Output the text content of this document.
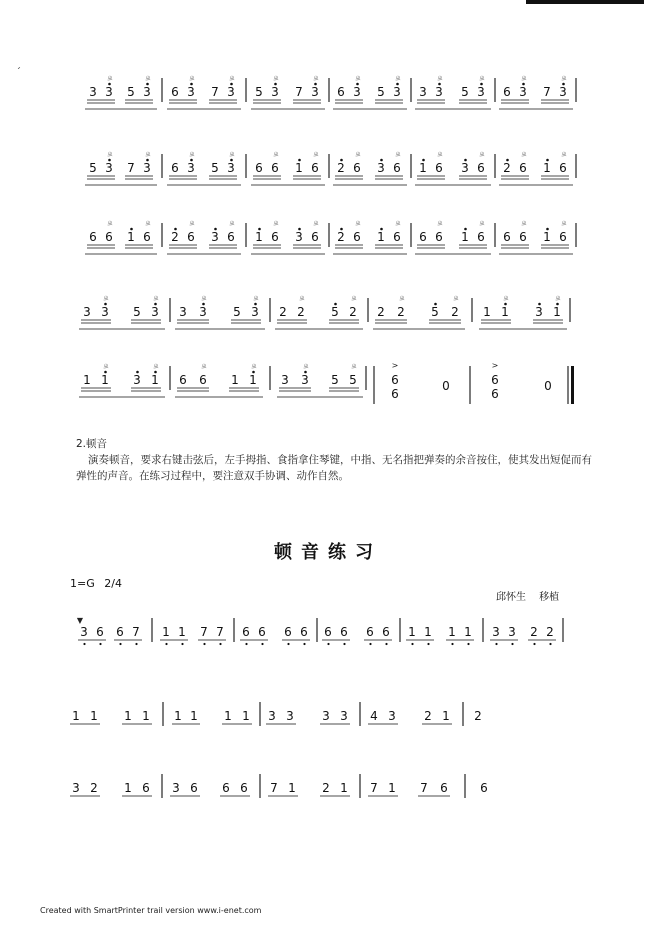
ˊ
3 3
ㄓ
5 3
ㄓ
6 3
ㄓ
7 3
ㄓ
5 3
ㄓ
7 3
ㄓ
6 3
ㄓ
5 3
ㄓ
3 3
ㄓ
5 3
ㄓ
6 3
ㄓ
7 3
ㄓ
5 3
ㄓ
7 3
ㄓ
6 3
ㄓ
5 3
ㄓ
6 6
ㄓ
1 6
ㄓ
2 6
ㄓ
3 6
ㄓ
1 6
ㄓ
3 6
ㄓ
2 6
ㄓ
1 6
ㄓ
6 6
ㄓ
1 6
ㄓ
2 6
ㄓ
3 6
ㄓ
1 6
ㄓ
3 6
ㄓ
2 6
ㄓ
1 6
ㄓ
6 6
ㄓ
1 6
ㄓ
6 6
ㄓ
1 6
ㄓ
3 3
ㄓ
5 3
ㄓ
3 3
ㄓ
5 3
ㄓ
2 2
ㄓ
5 2
ㄓ
2 2
ㄓ
5 2
ㄓ
1 1
ㄓ
3 1
ㄓ
1 1
ㄓ
3 1
ㄓ
6 6
ㄓ
1 1
ㄓ
3 3
ㄓ
5 5
ㄓ
3 6 6 7 1 1 7 7 6 6 6 6 6 6 6 6 1 1 1 1 3 3 2 2
1 1 1 1 1 1 1 1 3 3 3 3 4 3 2 1 2
3 2 1 6 3 6 6 6 7 1 2 1 7 1 7 6	6
>
6
6
0
>
6
6
0
▼

2.顿音

演奏顿音，要求右键击弦后，左手拇指、食指拿住琴键，中指、无名指把弹奏的余音按住，使其发出短促而有弹性的声音。在练习过程中，要注意双手协调、动作自然。

顿音练习
1=G 2/4
邱怀生 移植
Created with SmartPrinter trail version www.i-enet.com
